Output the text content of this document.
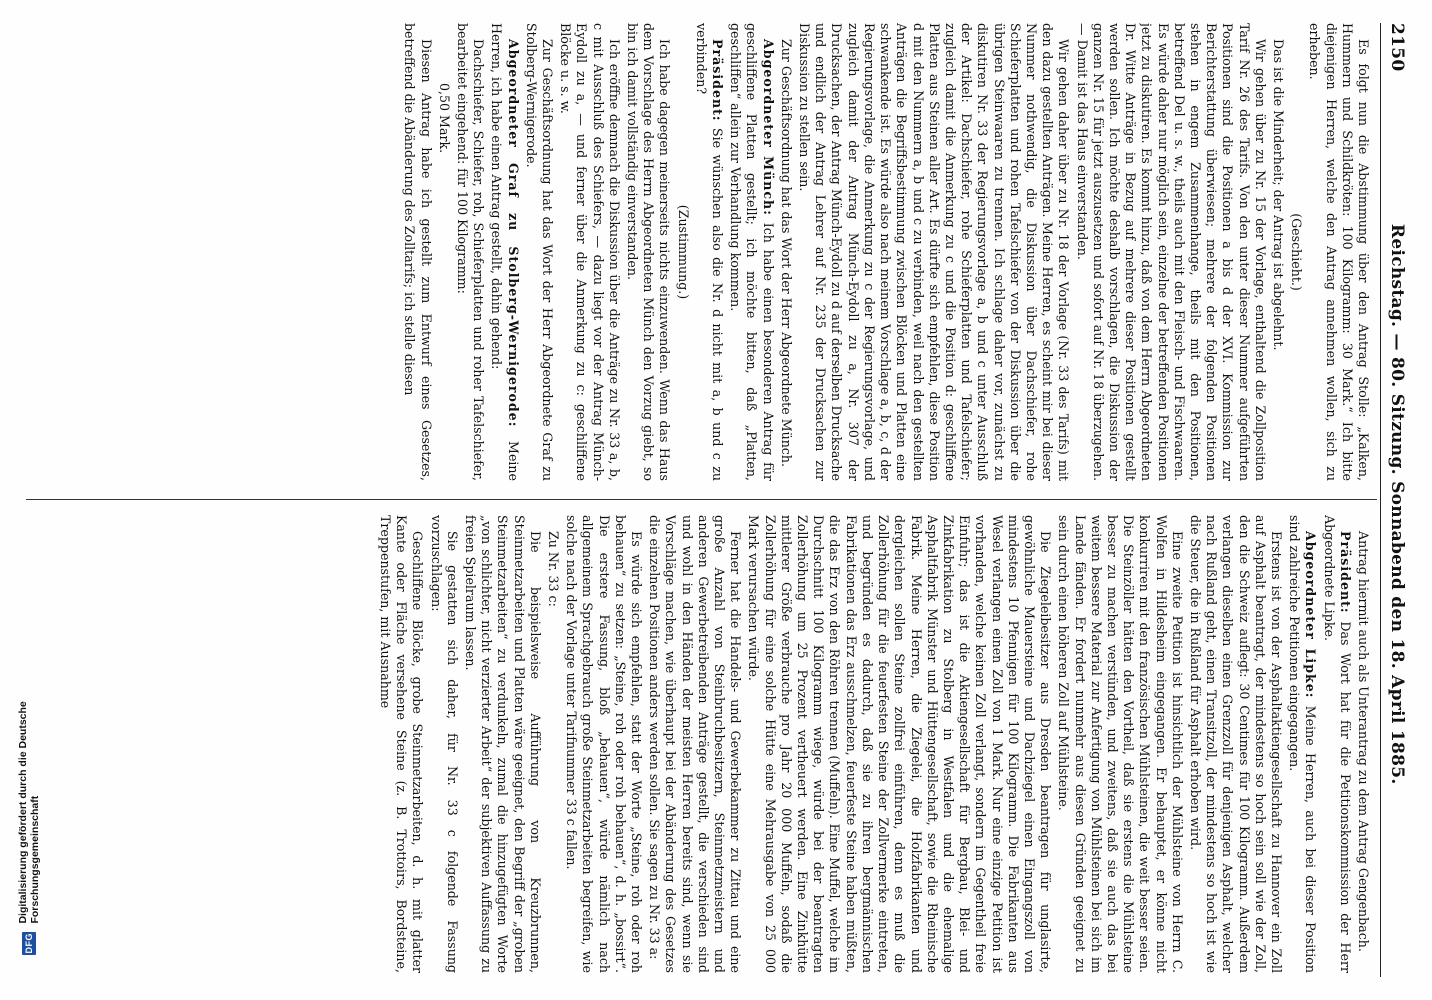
2150
Reichstag. — 80. Sitzung. Sonnabend den 18. April 1885.

Es folgt nun die Abstimmung über den Antrag Stolle: „Kalken, Hummern und Schildkröten: 100 Kilogramm: 30 Mark.“ Ich bitte diejenigen Herren, welche den Antrag annehmen wollen, sich zu erheben.

(Geschieht.)

Das ist die Minderheit; der Antrag ist abgelehnt.

Wir gehen über zu Nr. 15 der Vorlage, enthaltend die Zollposition Tarif Nr. 26 des Tarifs. Von den unter dieser Nummer aufgeführten Positionen sind die Positionen a bis d der XVI. Kommission zur Berichterstattung überwiesen; mehrere der folgenden Positionen stehen in engem Zusammenhange, theils mit den Positionen, betreffend Del u. s. w., theils auch mit den Fleisch- und Fischwaaren. Es würde daher nur möglich sein, einzelne der betreffenden Positionen jetzt zu diskutiren. Es kommt hinzu, daß von dem Herrn Abgeordneten Dr. Witte Anträge in Bezug auf mehrere dieser Positionen gestellt werden sollen. Ich möchte deshalb vorschlagen, die Diskussion der ganzen Nr. 15 für jetzt auszusetzen und sofort auf Nr. 18 überzugehen. — Damit ist das Haus einverstanden.

Wir gehen daher über zu Nr. 18 der Vorlage (Nr. 33 des Tarifs) mit den dazu gestellten Anträgen. Meine Herren, es scheint mir bei dieser Nummer nothwendig, die Diskussion über Dachschiefer, rohe Schieferplatten und rohen Tafelschiefer von der Diskussion über die übrigen Steinwaaren zu trennen. Ich schlage daher vor, zunächst zu diskutiren Nr. 33 der Regierungsvorlage a, b und c unter Ausschluß der Artikel: Dachschiefer, rohe Schieferplatten und Tafelschiefer; zugleich damit die Anmerkung zu c und die Position d: geschliffene Platten aus Steinen aller Art. Es dürfte sich empfehlen, diese Position d mit den Nummern a, b und c zu verbinden, weil nach den gestellten Anträgen die Begriffsbestimmung zwischen Blöcken und Platten eine schwankende ist. Es würde also nach meinem Vorschlage a, b, c, d der Regierungsvorlage, die Anmerkung zu c der Regierungsvorlage, und zugleich damit der Antrag Münch-Eydoll zu a, Nr. 307 der Drucksachen, der Antrag Münch-Eydoll zu d auf derselben Drucksache und endlich der Antrag Lehrer auf Nr. 235 der Drucksachen zur Diskussion zu stellen sein.

Zur Geschäftsordnung hat das Wort der Herr Abgeordnete Münch.

Abgeordneter Münch: Ich habe einen besonderen Antrag für geschliffene Platten gestellt; ich möchte bitten, daß „Platten, geschliffen“ allein zur Verhandlung kommen.

Präsident: Sie wünschen also die Nr. d nicht mit a, b und c zu verbinden?

(Zustimmung.)

Ich habe dagegen meinerseits nichts einzuwenden. Wenn das Haus dem Vorschlage des Herrn Abgeordneten Münch den Vorzug giebt, so bin ich damit vollständig einverstanden.

Ich eröffne demnach die Diskussion über die Anträge zu Nr. 33 a, b, c mit Ausschluß des Schiefers, — dazu liegt vor der Antrag Münch-Eydoll zu a, — und ferner über die Anmerkung zu c: geschliffene Blöcke u. s. w.

Zur Geschäftsordnung hat das Wort der Herr Abgeordnete Graf zu Stolberg-Wernigerode.

Abgeordneter Graf zu Stolberg-Wernigerode: Meine Herren, ich habe einen Antrag gestellt, dahin gehend:

Dachschiefer, Schiefer, roh, Schieferplatten und roher Tafelschiefer, bearbeitet eingehend: für 100 Kilogramm:

0,50 Mark.

Diesen Antrag habe ich gestellt zum Entwurf eines Gesetzes, betreffend die Abänderung des Zolltarifs; ich stelle diesen

Antrag hiermit auch als Unterantrag zu dem Antrag Gengenbach.

Präsident: Das Wort hat für die Petitionskommission der Herr Abgeordnete Lipke.

Abgeordneter Lipke: Meine Herren, auch bei dieser Position sind zahlreiche Petitionen eingegangen.

Erstens ist von der Asphaltaktiengesellschaft zu Hannover ein Zoll auf Asphalt beantragt, der mindestens so hoch sein soll wie der Zoll, den die Schweiz auflegt: 30 Centimes für 100 Kilogramm. Außerdem verlangen dieselben einen Grenzzoll für denjenigen Asphalt, welcher nach Rußland geht, einen Transitzoll, der mindestens so hoch ist wie die Steuer, die in Rußland für Asphalt erhoben wird.

Eine zweite Petition ist hinsichtlich der Mühlsteine von Herrn C. Wolfen in Hildesheim eingegangen. Er behauptet, er könne nicht konkurriren mit den französischen Mühlsteinen, die weit besser seien. Die Steinzöller hätten den Vortheil, daß sie erstens die Mühlsteine besser zu machen verstünden, und zweitens, daß sie auch das bei weitem bessere Material zur Anfertigung von Mühlsteinen bei sich im Lande fänden. Er fordert nunmehr aus diesen Gründen geeignet zu sein durch einen höheren Zoll auf Mühlsteine.

Die Ziegeleibesitzer aus Dresden beantragen für unglasirte, gewöhnliche Mauersteine und Dachziegel einen Eingangszoll von mindestens 10 Pfennigen für 100 Kilogramm. Die Fabrikanten aus Wesel verlangen einen Zoll von 1 Mark. Nur eine einzige Petition ist vorhanden, welche keinen Zoll verlangt, sondern im Gegentheil freie Einfuhr; das ist die Aktiengesellschaft für Bergbau, Blei- und Zinkfabrikation zu Stolberg in Westfalen und die ehemalige Asphaltfabrik Münster und Hüttengesellschaft, sowie die Rheinische Fabrik. Meine Herren, die Ziegelei, die Holzfabrikanten und dergleichen sollen Steine zollfrei einführen, denn es muß die Zollerhöhung für die feuerfesten Steine der Zollvermerke eintreten, und begründen es dadurch, daß sie zu ihren bergmännischen Fabrikationen das Erz ausschmelzen, feuerfeste Steine haben müßten, die das Erz von den Röhren trennen (Muffeln). Eine Muffel, welche im Durchschnitt 100 Kilogramm wiege, würde bei der beantragten Zollerhöhung um 25 Prozent vertheuert werden. Eine Zinkhütte mittlerer Größe verbrauche pro Jahr 20 000 Muffeln, sodaß die Zollerhöhung für eine solche Hütte eine Mehrausgabe von 25 000 Mark verursachen würde.

Ferner hat die Handels- und Gewerbekammer zu Zittau und eine große Anzahl von Steinbruchbesitzern, Steinmetzmeistern und anderen Gewerbetreibenden Anträge gestellt, die verschieden sind und wohl in den Händen der meisten Herren bereits sind, wenn sie Vorschläge machen, wie überhaupt bei der Abänderung des Gesetzes die einzelnen Positionen anders werden sollen. Sie sagen zu Nr. 33 a:

Es würde sich empfehlen, statt der Worte „Steine, roh oder roh behauen“ zu setzen: „Steine, roh oder roh behauen“, d. h. „bossirt“. Die erstere Fassung, bloß „behauen“, würde nämlich nach allgemeinem Sprachgebrauch große Steinmetzarbeiten begreifen, wie solche nach der Vorlage unter Tarifnummer 33 c fallen.

Zu Nr. 33 c:

Die beispielsweise Aufführung von Kreuzbrunnen, Steinmetzarbeiten und Platten wäre geeignet, den Begriff der „groben Steinmetzarbeiten“ zu verdunkeln, zumal die hinzugefügten Worte „von schlichter, nicht verzierter Arbeit“ der subjektiven Auffassung zu freien Spielraum lassen.

Sie gestatten sich daher, für Nr. 33 c folgende Fassung vorzuschlagen:

Geschliffene Blöcke, grobe Steinmetzarbeiten, d. h. mit glatter Kante oder Fläche versehene Steine (z. B. Trottoirs, Bordsteine, Treppenstufen, mit Ausnahme

DFG
Digitalisierung gefördert durch die Deutsche Forschungsgemeinschaft
